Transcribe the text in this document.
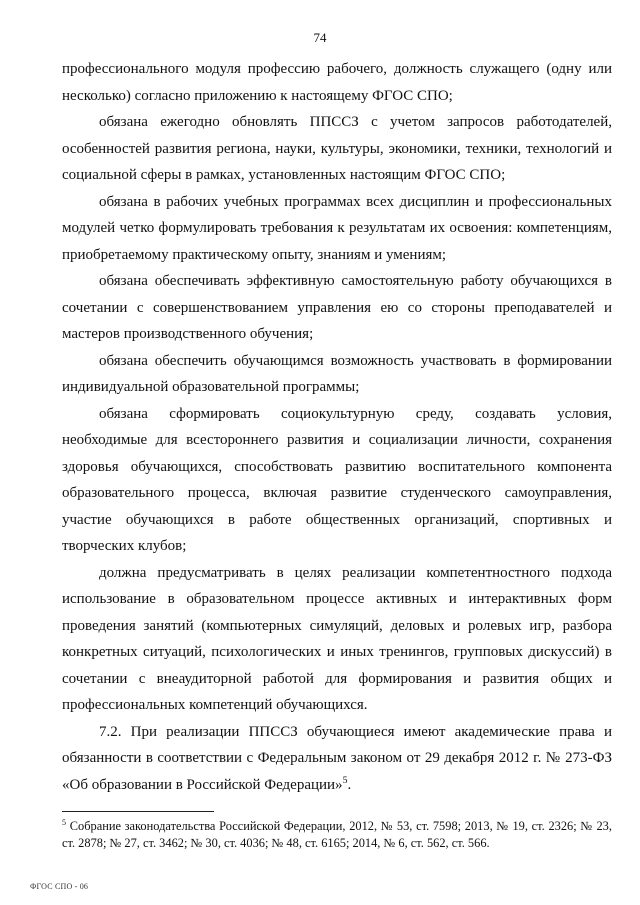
74

профессионального модуля профессию рабочего, должность служащего (одну или несколько) согласно приложению к настоящему ФГОС СПО;

обязана ежегодно обновлять ППССЗ с учетом запросов работодателей, особенностей развития региона, науки, культуры, экономики, техники, технологий и социальной сферы в рамках, установленных настоящим ФГОС СПО;

обязана в рабочих учебных программах всех дисциплин и профессиональных модулей четко формулировать требования к результатам их освоения: компетенциям, приобретаемому практическому опыту, знаниям и умениям;

обязана обеспечивать эффективную самостоятельную работу обучающихся в сочетании с совершенствованием управления ею со стороны преподавателей и мастеров производственного обучения;

обязана обеспечить обучающимся возможность участвовать в формировании индивидуальной образовательной программы;

обязана сформировать социокультурную среду, создавать условия, необходимые для всестороннего развития и социализации личности, сохранения здоровья обучающихся, способствовать развитию воспитательного компонента образовательного процесса, включая развитие студенческого самоуправления, участие обучающихся в работе общественных организаций, спортивных и творческих клубов;

должна предусматривать в целях реализации компетентностного подхода использование в образовательном процессе активных и интерактивных форм проведения занятий (компьютерных симуляций, деловых и ролевых игр, разбора конкретных ситуаций, психологических и иных тренингов, групповых дискуссий) в сочетании с внеаудиторной работой для формирования и развития общих и профессиональных компетенций обучающихся.

7.2. При реализации ППССЗ обучающиеся имеют академические права и обязанности в соответствии с Федеральным законом от 29 декабря 2012 г. № 273-ФЗ «Об образовании в Российской Федерации»$^5$.

$^5$ Собрание законодательства Российской Федерации, 2012, № 53, ст. 7598; 2013, № 19, ст. 2326; № 23, ст. 2878; № 27, ст. 3462; № 30, ст. 4036; № 48, ст. 6165; 2014, № 6, ст. 562, ст. 566.
ФГОС СПО - 06
